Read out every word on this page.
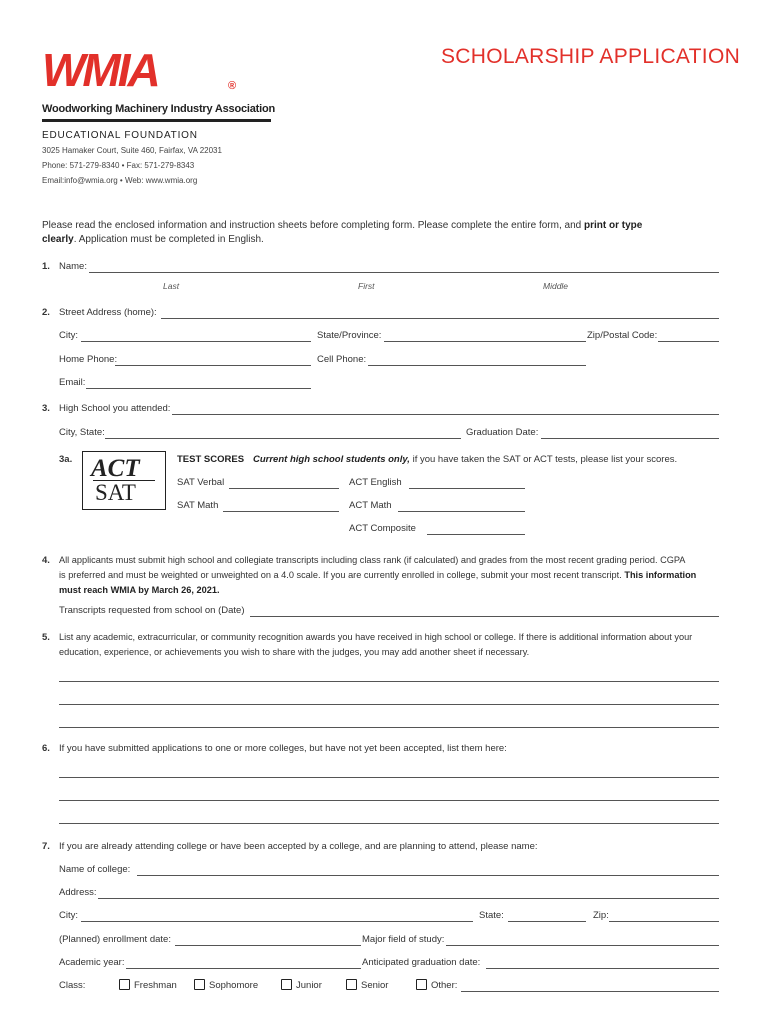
WMIA	®
Woodworking Machinery Industry Association
SCHOLARSHIP APPLICATION
EDUCATIONAL FOUNDATION
3025 Hamaker Court, Suite 460, Fairfax, VA 22031
Phone: 571-279-8340 • Fax: 571-279-8343
Email:info@wmia.org • Web: www.wmia.org
Please read the enclosed information and instruction sheets before completing form. Please complete the entire form, and print or type
clearly. Application must be completed in English.
1. Name:
Last	First	Middle
2. Street Address (home):
City:	State/Province:	Zip/Postal Code:
Home Phone:	Cell Phone:
Email:
3. High School you attended:
City, State:	Graduation Date:
3a. ACT
SAT
TEST SCORES Current high school students only, if you have taken the SAT or ACT tests, please list your scores.
SAT Verbal	ACT English
SAT Math	ACT Math
ACT Composite
4. All applicants must submit high school and collegiate transcripts including class rank (if calculated) and grades from the most recent grading period. CGPA
is preferred and must be weighted or unweighted on a 4.0 scale. If you are currently enrolled in college, submit your most recent transcript. This information
must reach WMIA by March 26, 2021.
Transcripts requested from school on (Date)
5. List any academic, extracurricular, or community recognition awards you have received in high school or college. If there is additional information about your
education, experience, or achievements you wish to share with the judges, you may add another sheet if necessary.
6. If you have submitted applications to one or more colleges, but have not yet been accepted, list them here:
7. If you are already attending college or have been accepted by a college, and are planning to attend, please name:
Name of college:
Address:
City:	State:	Zip:
(Planned) enrollment date:	Major field of study:
Academic year:	Anticipated graduation date:
Class:	Freshman	Sophomore	Junior	Senior	Other:
